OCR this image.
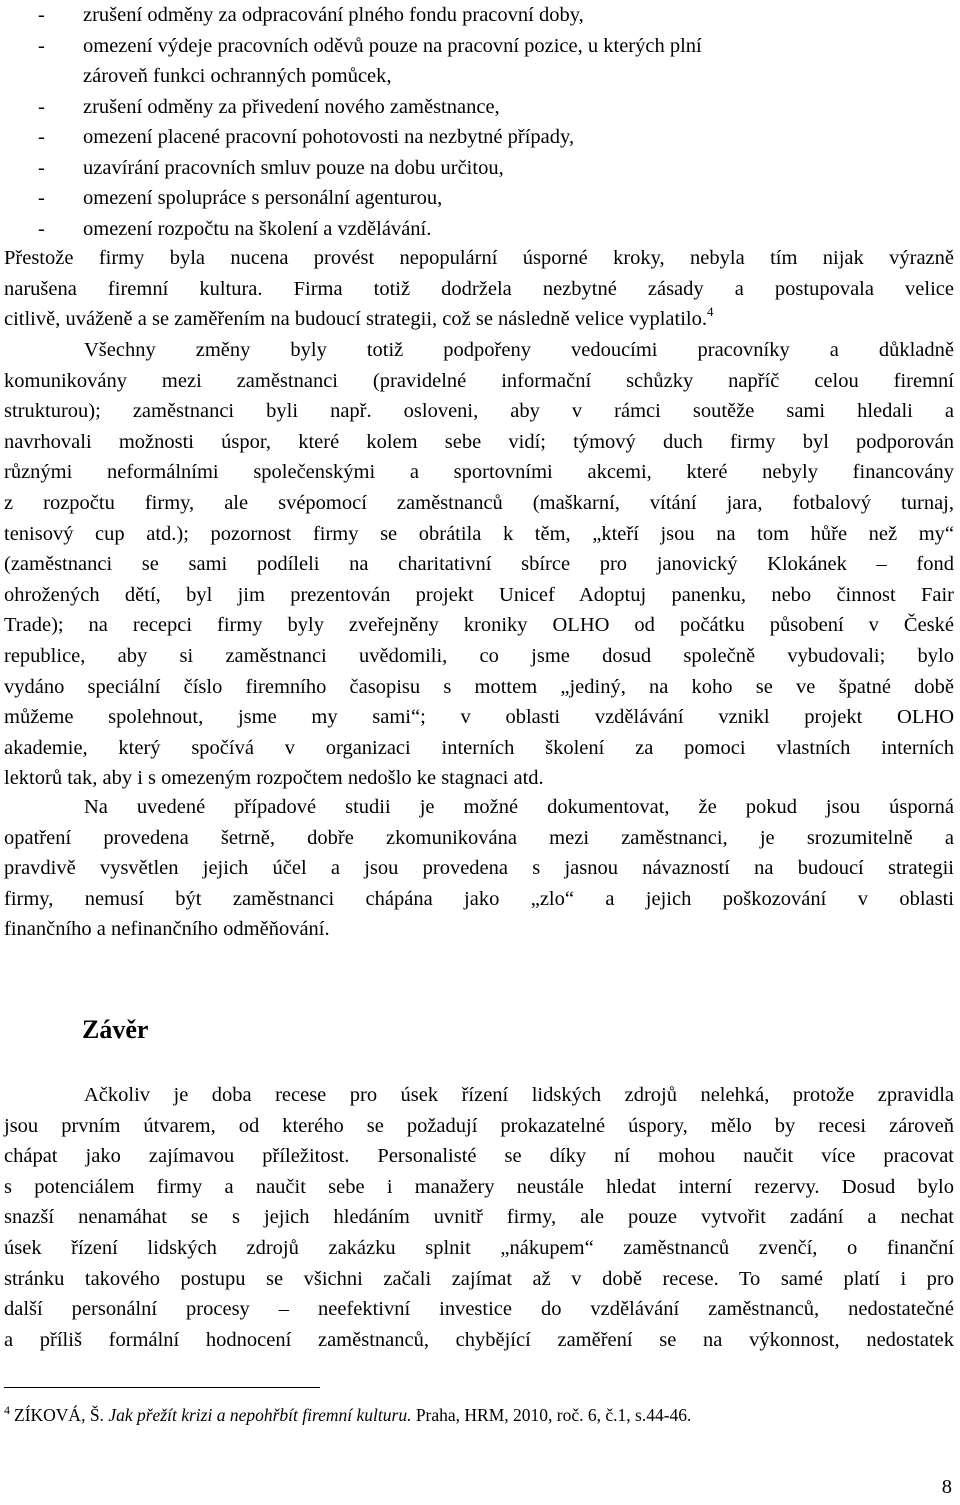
- zrušení odměny za odpracování plného fondu pracovní doby,
- omezení výdeje pracovních oděvů pouze na pracovní pozice, u kterých plní
zároveň funkci ochranných pomůcek,
- zrušení odměny za přivedení nového zaměstnance,
- omezení placené pracovní pohotovosti na nezbytné případy,
- uzavírání pracovních smluv pouze na dobu určitou,
- omezení spolupráce s personální agenturou,
- omezení rozpočtu na školení a vzdělávání.
Přestože firmy byla nucena provést nepopulární úsporné kroky, nebyla tím nijak výrazně
narušena firemní kultura. Firma totiž dodržela nezbytné zásady a postupovala velice
citlivě, uváženě a se zaměřením na budoucí strategii, což se následně velice vyplatilo.$^4$
Všechny změny byly totiž podpořeny vedoucími pracovníky a důkladně
komunikovány mezi zaměstnanci (pravidelné informační schůzky napříč celou firemní
strukturou); zaměstnanci byli např. osloveni, aby v rámci soutěže sami hledali a
navrhovali možnosti úspor, které kolem sebe vidí; týmový duch firmy byl podporován
různými neformálními společenskými a sportovními akcemi, které nebyly financovány
z rozpočtu firmy, ale svépomocí zaměstnanců (maškarní, vítání jara, fotbalový turnaj,
tenisový cup atd.); pozornost firmy se obrátila k těm, „kteří jsou na tom hůře než my“
(zaměstnanci se sami podíleli na charitativní sbírce pro janovický Klokánek – fond
ohrožených dětí, byl jim prezentován projekt Unicef Adoptuj panenku, nebo činnost Fair
Trade); na recepci firmy byly zveřejněny kroniky OLHO od počátku působení v České
republice, aby si zaměstnanci uvědomili, co jsme dosud společně vybudovali; bylo
vydáno speciální číslo firemního časopisu s mottem „jediný, na koho se ve špatné době
můžeme spolehnout, jsme my sami“; v oblasti vzdělávání vznikl projekt OLHO
akademie, který spočívá v organizaci interních školení za pomoci vlastních interních
lektorů tak, aby i s omezeným rozpočtem nedošlo ke stagnaci atd.
Na uvedené případové studii je možné dokumentovat, že pokud jsou úsporná
opatření provedena šetrně, dobře zkomunikována mezi zaměstnanci, je srozumitelně a
pravdivě vysvětlen jejich účel a jsou provedena s jasnou návazností na budoucí strategii
firmy, nemusí být zaměstnanci chápána jako „zlo“ a jejich poškozování v oblasti
finančního a nefinančního odměňování.
Závěr
Ačkoliv je doba recese pro úsek řízení lidských zdrojů nelehká, protože zpravidla
jsou prvním útvarem, od kterého se požadují prokazatelné úspory, mělo by recesi zároveň
chápat jako zajímavou příležitost. Personalisté se díky ní mohou naučit více pracovat
s potenciálem firmy a naučit sebe i manažery neustále hledat interní rezervy. Dosud bylo
snazší nenamáhat se s jejich hledáním uvnitř firmy, ale pouze vytvořit zadání a nechat
úsek řízení lidských zdrojů zakázku splnit „nákupem“ zaměstnanců zvenčí, o finanční
stránku takového postupu se všichni začali zajímat až v době recese. To samé platí i pro
další personální procesy – neefektivní investice do vzdělávání zaměstnanců, nedostatečné
a příliš formální hodnocení zaměstnanců, chybějící zaměření se na výkonnost, nedostatek
$^4$ ZÍKOVÁ, Š. Jak přežít krizi a nepohřbít firemní kulturu. Praha, HRM, 2010, roč. 6, č.1, s.44-46.
8
